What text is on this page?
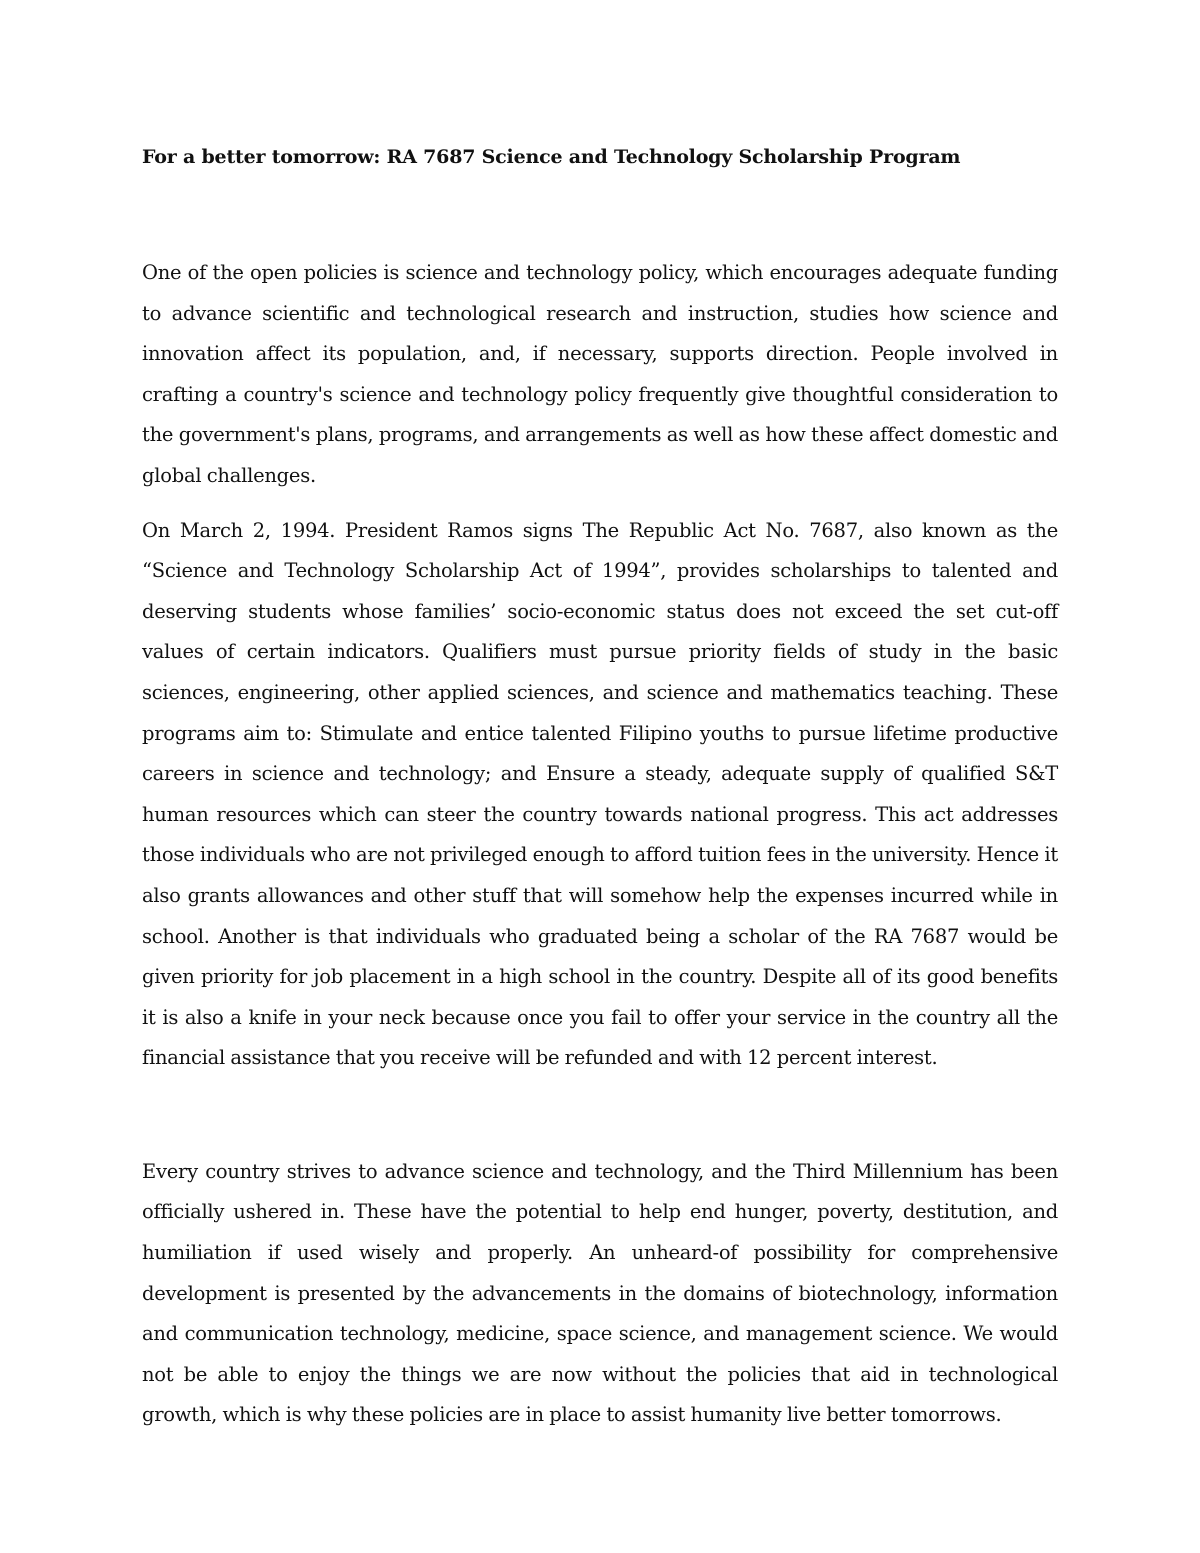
For a better tomorrow: RA 7687 Science and Technology Scholarship Program

One of the open policies is science and technology policy, which encourages adequate funding to advance scientific and technological research and instruction, studies how science and innovation affect its population, and, if necessary, supports direction. People involved in crafting a country's science and technology policy frequently give thoughtful consideration to the government's plans, programs, and arrangements as well as how these affect domestic and global challenges.

On March 2, 1994. President Ramos signs The Republic Act No. 7687, also known as the “Science and Technology Scholarship Act of 1994”, provides scholarships to talented and deserving students whose families’ socio-economic status does not exceed the set cut-off values of certain indicators. Qualifiers must pursue priority fields of study in the basic sciences, engineering, other applied sciences, and science and mathematics teaching. These programs aim to: Stimulate and entice talented Filipino youths to pursue lifetime productive careers in science and technology; and Ensure a steady, adequate supply of qualified S&T human resources which can steer the country towards national progress. This act addresses those individuals who are not privileged enough to afford tuition fees in the university. Hence it also grants allowances and other stuff that will somehow help the expenses incurred while in school. Another is that individuals who graduated being a scholar of the RA 7687 would be given priority for job placement in a high school in the country. Despite all of its good benefits it is also a knife in your neck because once you fail to offer your service in the country all the financial assistance that you receive will be refunded and with 12 percent interest.

Every country strives to advance science and technology, and the Third Millennium has been officially ushered in. These have the potential to help end hunger, poverty, destitution, and humiliation if used wisely and properly. An unheard-of possibility for comprehensive development is presented by the advancements in the domains of biotechnology, information and communication technology, medicine, space science, and management science. We would not be able to enjoy the things we are now without the policies that aid in technological growth, which is why these policies are in place to assist humanity live better tomorrows.
